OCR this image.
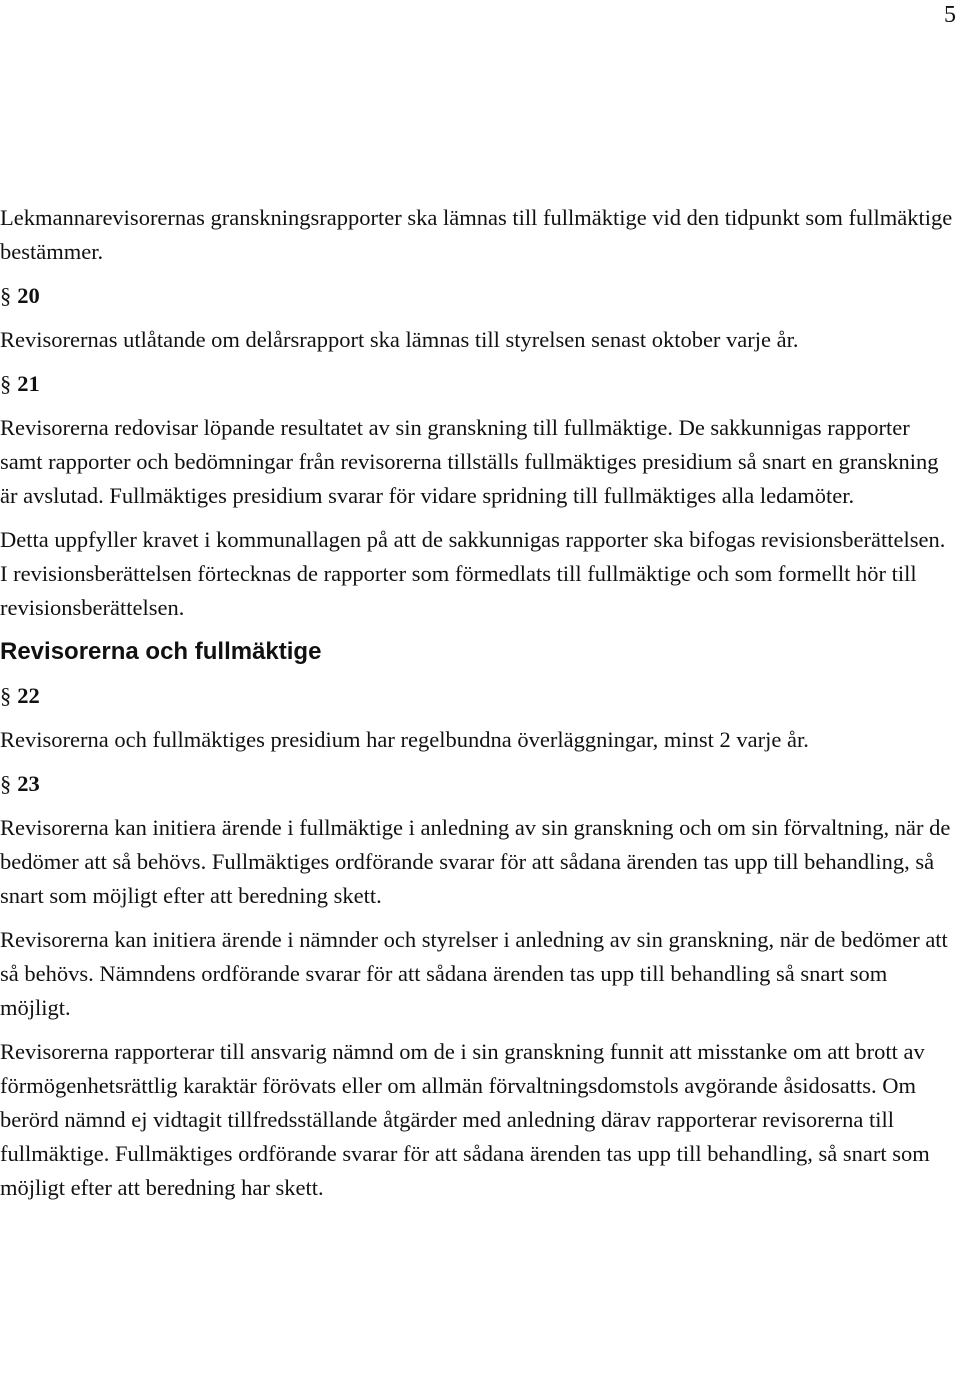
5

Lekmannarevisorernas granskningsrapporter ska lämnas till fullmäktige vid den tidpunkt som fullmäktige bestämmer.

§ 20

Revisorernas utlåtande om delårsrapport ska lämnas till styrelsen senast oktober varje år.

§ 21

Revisorerna redovisar löpande resultatet av sin granskning till fullmäktige. De sakkunnigas rapporter samt rapporter och bedömningar från revisorerna tillställs fullmäktiges presidium så snart en granskning är avslutad. Fullmäktiges presidium svarar för vidare spridning till fullmäktiges alla ledamöter.

Detta uppfyller kravet i kommunallagen på att de sakkunnigas rapporter ska bifogas revisionsberättelsen. I revisionsberättelsen förtecknas de rapporter som förmedlats till fullmäktige och som formellt hör till revisionsberättelsen.

Revisorerna och fullmäktige

§ 22

Revisorerna och fullmäktiges presidium har regelbundna överläggningar, minst 2 varje år.

§ 23

Revisorerna kan initiera ärende i fullmäktige i anledning av sin granskning och om sin förvaltning, när de bedömer att så behövs. Fullmäktiges ordförande svarar för att sådana ärenden tas upp till behandling, så snart som möjligt efter att beredning skett.

Revisorerna kan initiera ärende i nämnder och styrelser i anledning av sin granskning, när de bedömer att så behövs. Nämndens ordförande svarar för att sådana ärenden tas upp till behandling så snart som möjligt.

Revisorerna rapporterar till ansvarig nämnd om de i sin granskning funnit att misstanke om att brott av förmögenhetsrättlig karaktär förövats eller om allmän förvaltningsdomstols avgörande åsidosatts. Om berörd nämnd ej vidtagit tillfredsställande åtgärder med anledning därav rapporterar revisorerna till fullmäktige. Fullmäktiges ordförande svarar för att sådana ärenden tas upp till behandling, så snart som möjligt efter att beredning har skett.
